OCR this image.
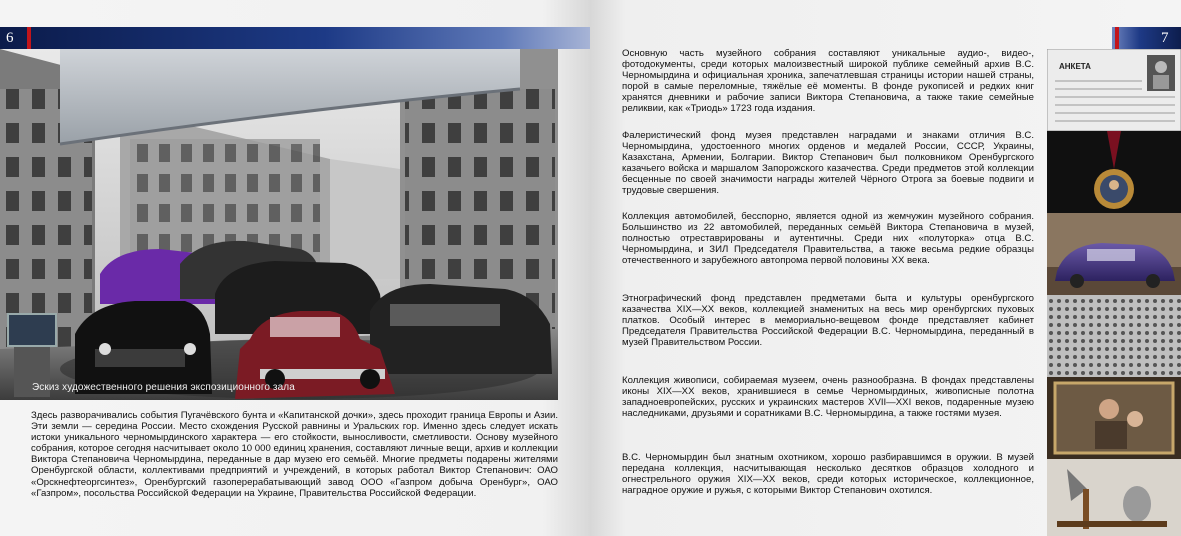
6
Эскиз художественного решения экспозиционного зала

Здесь разворачивались события Пугачёвского бунта и «Капитанской дочки», здесь проходит граница Европы и Азии. Эти земли — середина России. Место схождения Русской равнины и Уральских гор. Именно здесь следует искать истоки уникального черномырдинского характера — его стойкости, выносливости, сметливости. Основу музейного собрания, которое сегодня насчитывает около 10 000 единиц хранения, составляют личные вещи, архив и коллекции Виктора Степановича Черномырдина, переданные в дар музею его семьёй. Многие предметы подарены жителями Оренбургской области, коллективами предприятий и учреждений, в которых работал Виктор Степанович: ОАО «Орскнефтеоргсинтез», Оренбургский газоперерабатывающий завод ООО «Газпром добыча Оренбург», ОАО «Газпром», посольства Российской Федерации на Украине, Правительства Российской Федерации.

7

Основную часть музейного собрания составляют уникальные аудио-, видео-, фотодокументы, среди которых малоизвестный широкой публике семейный архив В.С. Черномырдина и официальная хроника, запечатлевшая страницы истории нашей страны, порой в самые переломные, тяжёлые её моменты. В фонде рукописей и редких книг хранятся дневники и рабочие записи Виктора Степановича, а также такие семейные реликвии, как «Триодь» 1723 года издания.

Фалеристический фонд музея представлен наградами и знаками отличия В.С. Черномырдина, удостоенного многих орденов и медалей России, СССР, Украины, Казахстана, Армении, Болгарии. Виктор Степанович был полковником Оренбургского казачьего войска и маршалом Запорожского казачества. Среди предметов этой коллекции бесценные по своей значимости награды жителей Чёрного Отрога за боевые подвиги и трудовые свершения.

Коллекция автомобилей, бесспорно, является одной из жемчужин музейного собрания. Большинство из 22 автомобилей, переданных семьёй Виктора Степановича в музей, полностью отреставрированы и аутентичны. Среди них «полуторка» отца В.С. Черномырдина, и ЗИЛ Председателя Правительства, а также весьма редкие образцы отечественного и зарубежного автопрома первой половины ХХ века.

Этнографический фонд представлен предметами быта и культуры оренбургского казачества XIX—XX веков, коллекцией знаменитых на весь мир оренбургских пуховых платков. Особый интерес в мемориально-вещевом фонде представляет кабинет Председателя Правительства Российской Федерации В.С. Черномырдина, переданный в музей Правительством России.

Коллекция живописи, собираемая музеем, очень разнообразна. В фондах представлены иконы XIX—XX веков, хранившиеся в семье Черномырдиных, живописные полотна западноевропейских, русских и украинских мастеров XVII—XXI веков, подаренные музею наследниками, друзьями и соратниками В.С. Черномырдина, а также гостями музея.

В.С. Черномырдин был знатным охотником, хорошо разбиравшимся в оружии. В музей передана коллекция, насчитывающая несколько десятков образцов холодного и огнестрельного оружия XIX—XX веков, среди которых историческое, коллекционное, наградное оружие и ружья, с которыми Виктор Степанович охотился.

АНКЕТА
